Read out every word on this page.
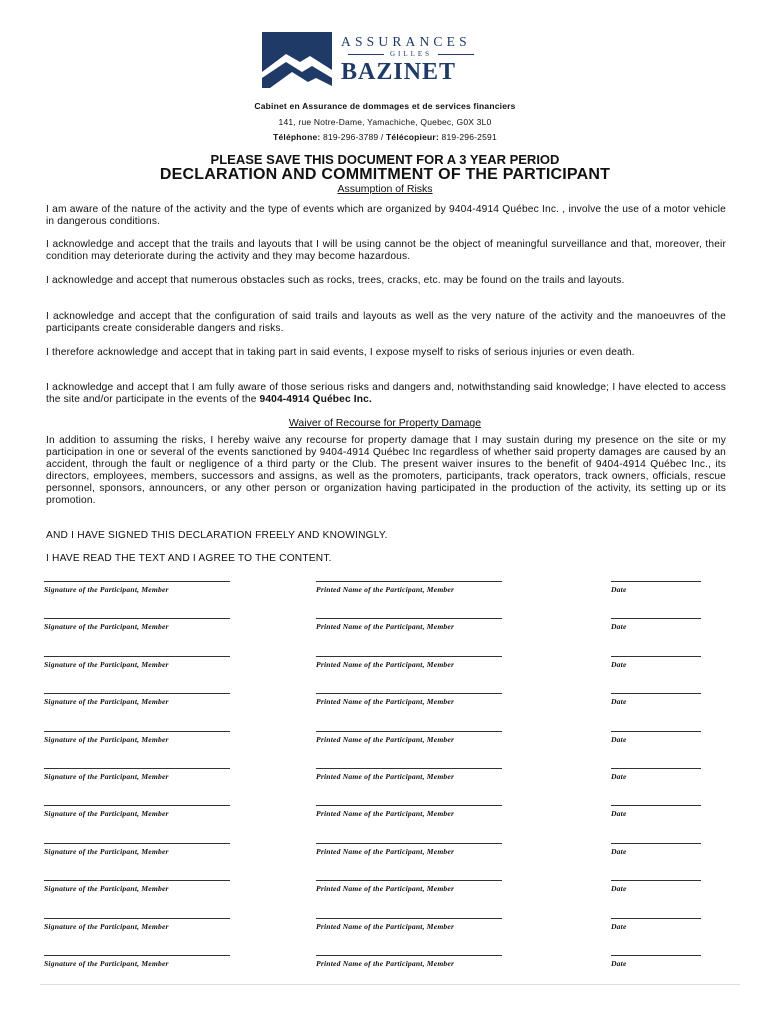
ASSURANCES
GILLES
BAZINET
Cabinet en Assurance de dommages et de services financiers
141, rue Notre-Dame, Yamachiche, Quebec, G0X 3L0
Téléphone: 819-296-3789 / Télécopieur: 819-296-2591
PLEASE SAVE THIS DOCUMENT FOR A 3 YEAR PERIOD
DECLARATION AND COMMITMENT OF THE PARTICIPANT
Assumption of Risks

I am aware of the nature of the activity and the type of events which are organized by 9404-4914 Québec Inc. , involve the use of a motor vehicle in dangerous conditions.

I acknowledge and accept that the trails and layouts that I will be using cannot be the object of meaningful surveillance and that, moreover, their condition may deteriorate during the activity and they may become hazardous.

I acknowledge and accept that numerous obstacles such as rocks, trees, cracks, etc. may be found on the trails and layouts.

I acknowledge and accept that the configuration of said trails and layouts as well as the very nature of the activity and the manoeuvres of the participants create considerable dangers and risks.

I therefore acknowledge and accept that in taking part in said events, I expose myself to risks of serious injuries or even death.

I acknowledge and accept that I am fully aware of those serious risks and dangers and, notwithstanding said knowledge; I have elected to access the site and/or participate in the events of the 9404-4914 Québec Inc.

Waiver of Recourse for Property Damage

In addition to assuming the risks, I hereby waive any recourse for property damage that I may sustain during my presence on the site or my participation in one or several of the events sanctioned by 9404-4914 Québec Inc regardless of whether said property damages are caused by an accident, through the fault or negligence of a third party or the Club. The present waiver insures to the benefit of 9404-4914 Québec Inc., its directors, employees, members, successors and assigns, as well as the promoters, participants, track operators, track owners, officials, rescue personnel, sponsors, announcers, or any other person or organization having participated in the production of the activity, its setting up or its promotion.

AND I HAVE SIGNED THIS DECLARATION FREELY AND KNOWINGLY.
I HAVE READ THE TEXT AND I AGREE TO THE CONTENT.
Signature of the Participant, Member	Printed Name of the Participant, Member	Date
Signature of the Participant, Member	Printed Name of the Participant, Member	Date
Signature of the Participant, Member	Printed Name of the Participant, Member	Date
Signature of the Participant, Member	Printed Name of the Participant, Member	Date
Signature of the Participant, Member	Printed Name of the Participant, Member	Date
Signature of the Participant, Member	Printed Name of the Participant, Member	Date
Signature of the Participant, Member	Printed Name of the Participant, Member	Date
Signature of the Participant, Member	Printed Name of the Participant, Member	Date
Signature of the Participant, Member	Printed Name of the Participant, Member	Date
Signature of the Participant, Member	Printed Name of the Participant, Member	Date
Signature of the Participant, Member	Printed Name of the Participant, Member	Date
